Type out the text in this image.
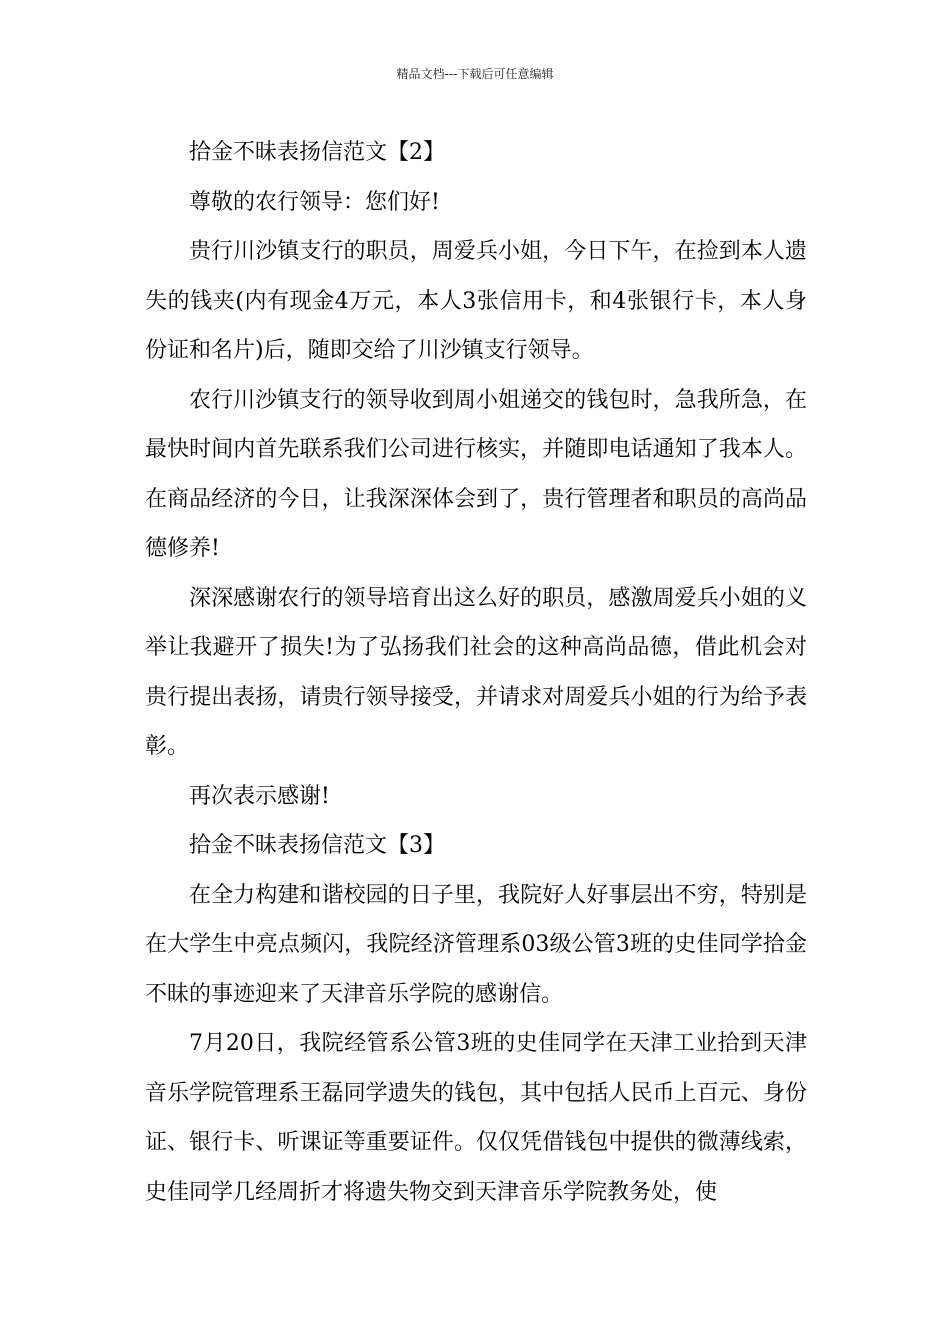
精品文档---下载后可任意编辑

拾金不昧表扬信范文【2】

尊敬的农行领导：您们好!

贵行川沙镇支行的职员，周爱兵小姐，今日下午，在捡到本人遗失的钱夹(内有现金4万元，本人3张信用卡，和4张银行卡，本人身份证和名片)后，随即交给了川沙镇支行领导。

农行川沙镇支行的领导收到周小姐递交的钱包时，急我所急，在最快时间内首先联系我们公司进行核实，并随即电话通知了我本人。在商品经济的今日，让我深深体会到了，贵行管理者和职员的高尚品德修养!

深深感谢农行的领导培育出这么好的职员，感激周爱兵小姐的义举让我避开了损失!为了弘扬我们社会的这种高尚品德，借此机会对贵行提出表扬，请贵行领导接受，并请求对周爱兵小姐的行为给予表彰。

再次表示感谢!

拾金不昧表扬信范文【3】

在全力构建和谐校园的日子里，我院好人好事层出不穷，特别是在大学生中亮点频闪，我院经济管理系03级公管3班的史佳同学拾金不昧的事迹迎来了天津音乐学院的感谢信。

7月20日，我院经管系公管3班的史佳同学在天津工业拾到天津音乐学院管理系王磊同学遗失的钱包，其中包括人民币上百元、身份证、银行卡、听课证等重要证件。仅仅凭借钱包中提供的微薄线索，史佳同学几经周折才将遗失物交到天津音乐学院教务处，使
